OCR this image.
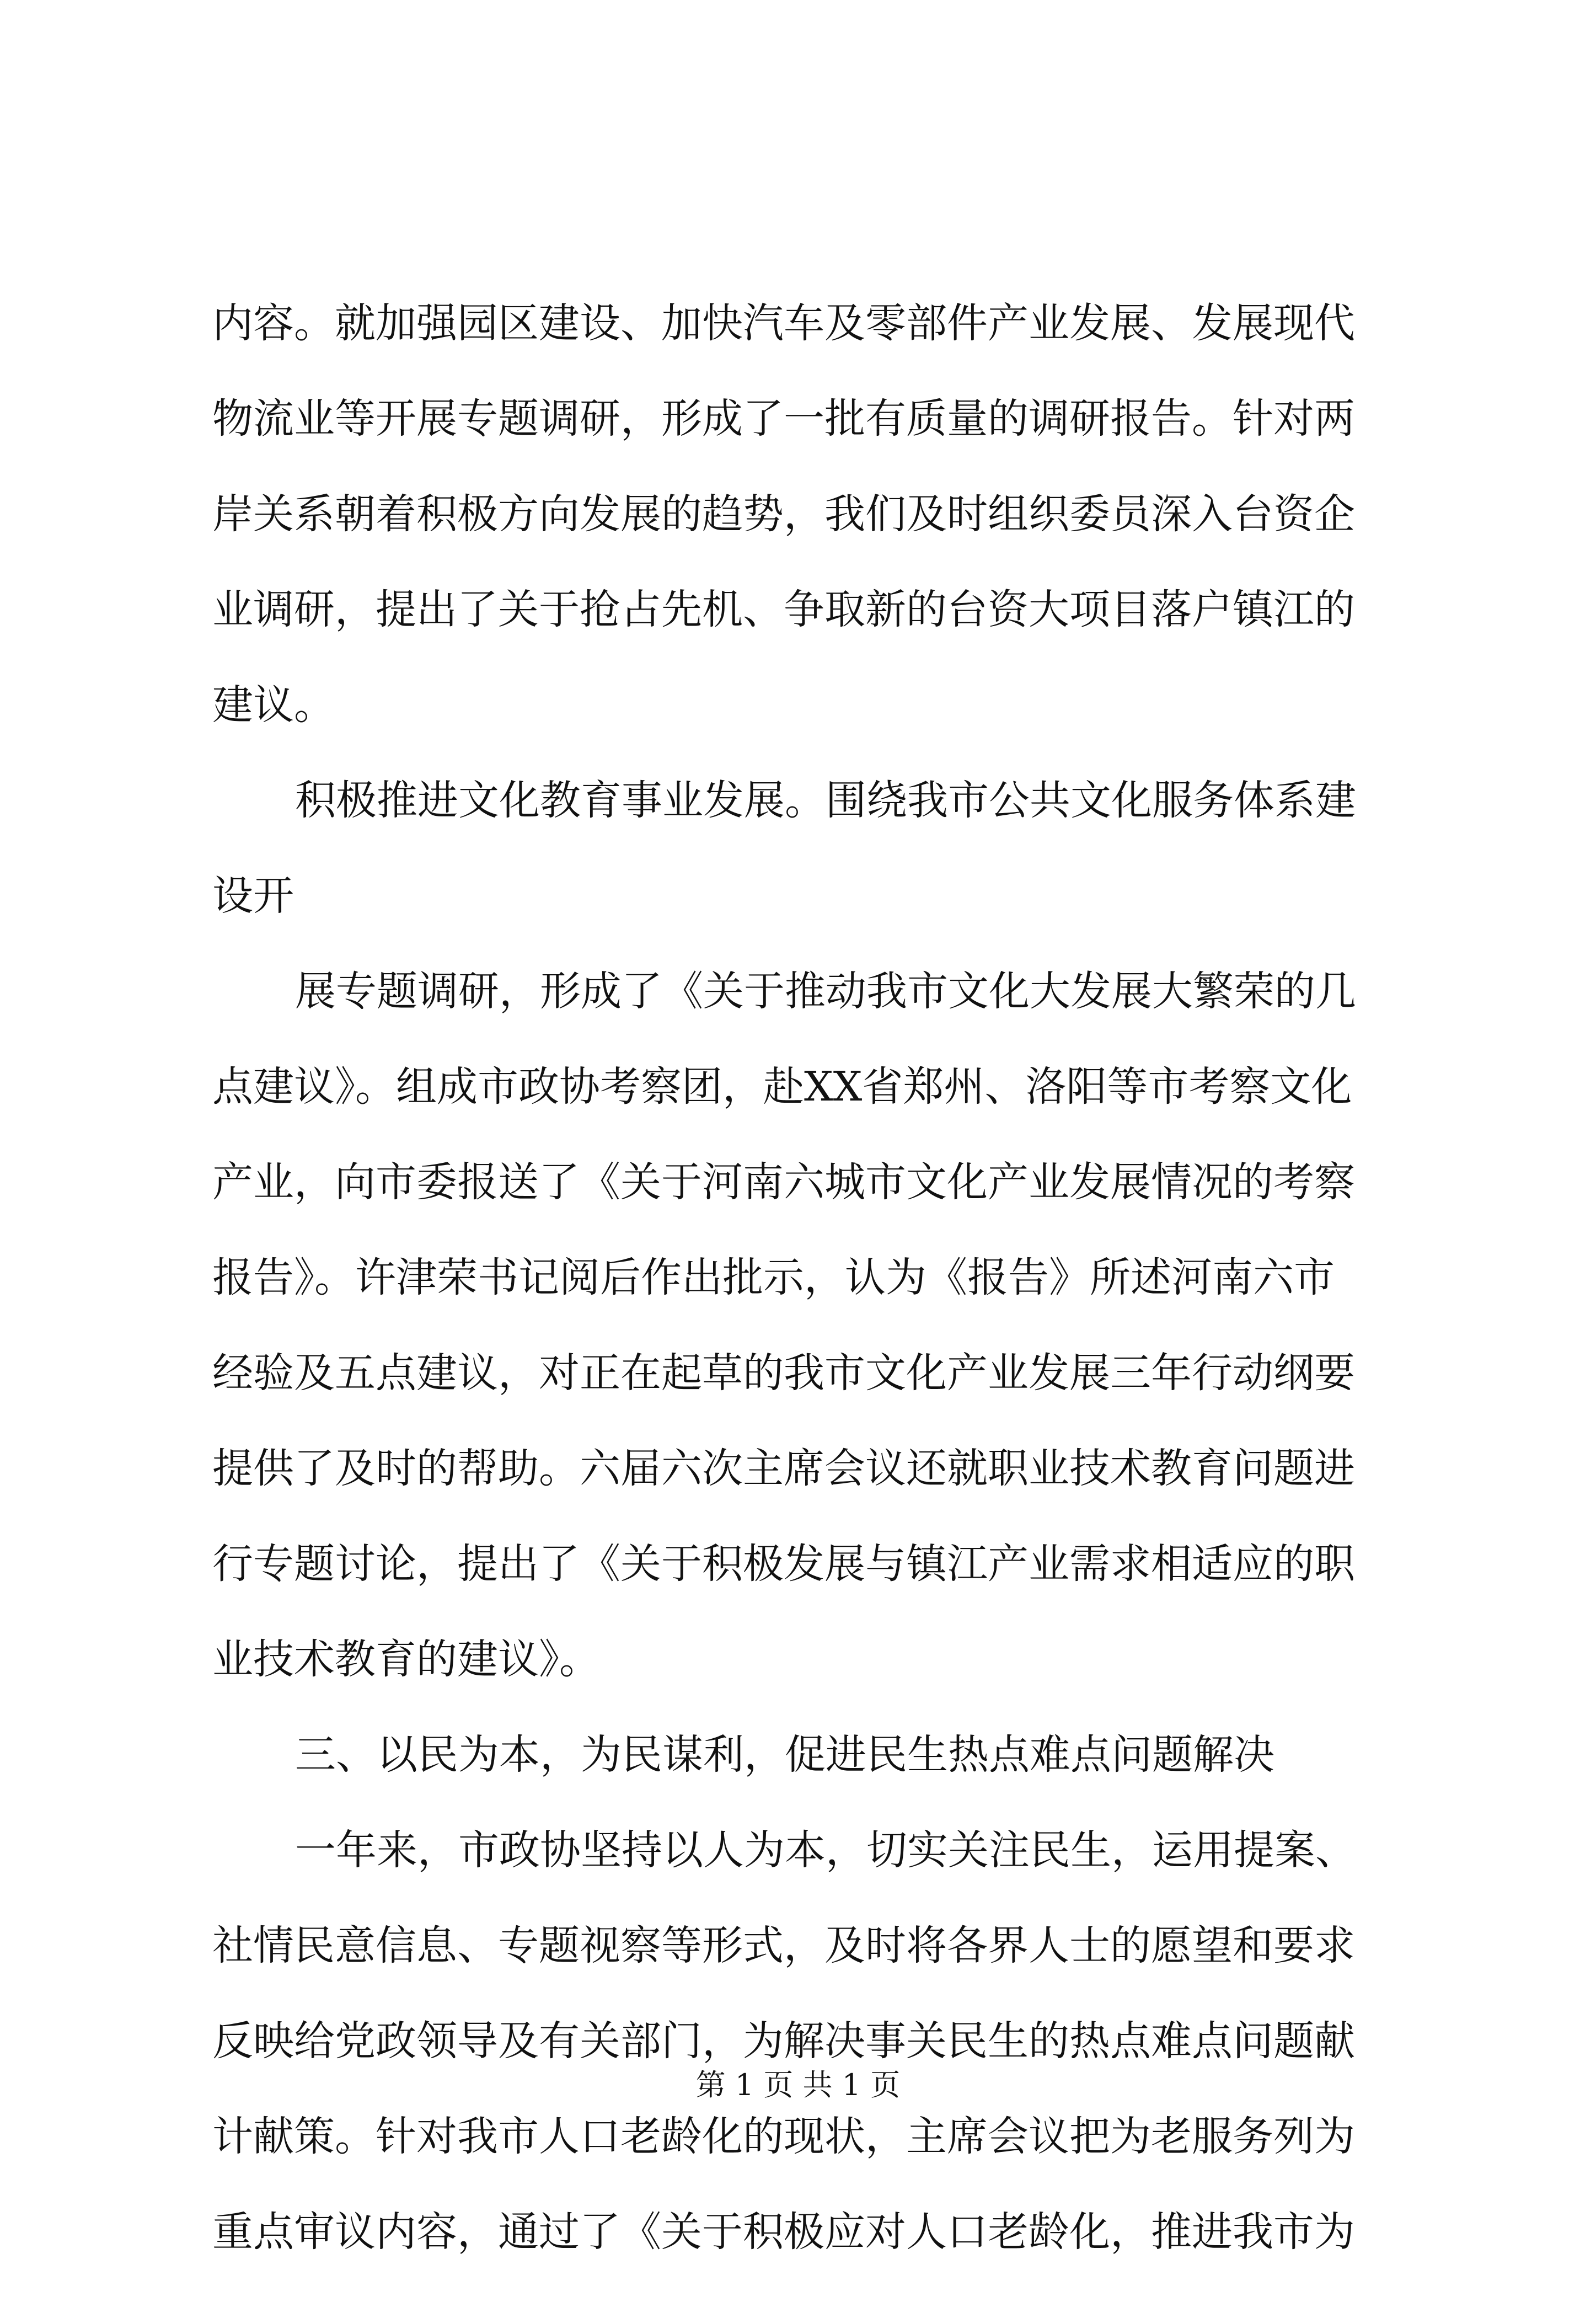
内容。就加强园区建设、加快汽车及零部件产业发展、发展现代
物流业等开展专题调研，形成了一批有质量的调研报告。针对两
岸关系朝着积极方向发展的趋势，我们及时组织委员深入台资企
业调研，提出了关于抢占先机、争取新的台资大项目落户镇江的
建议。
积极推进文化教育事业发展。围绕我市公共文化服务体系建
设开
展专题调研，形成了《关于推动我市文化大发展大繁荣的几
点建议》。组成市政协考察团，赴XX省郑州、洛阳等市考察文化
产业，向市委报送了《关于河南六城市文化产业发展情况的考察
报告》。许津荣书记阅后作出批示，认为《报告》所述河南六市
经验及五点建议，对正在起草的我市文化产业发展三年行动纲要
提供了及时的帮助。六届六次主席会议还就职业技术教育问题进
行专题讨论，提出了《关于积极发展与镇江产业需求相适应的职
业技术教育的建议》。
三、以民为本，为民谋利，促进民生热点难点问题解决
一年来，市政协坚持以人为本，切实关注民生，运用提案、
社情民意信息、专题视察等形式，及时将各界人士的愿望和要求
反映给党政领导及有关部门，为解决事关民生的热点难点问题献
计献策。针对我市人口老龄化的现状，主席会议把为老服务列为
重点审议内容，通过了《关于积极应对人口老龄化，推进我市为
第 1 页 共 1 页
